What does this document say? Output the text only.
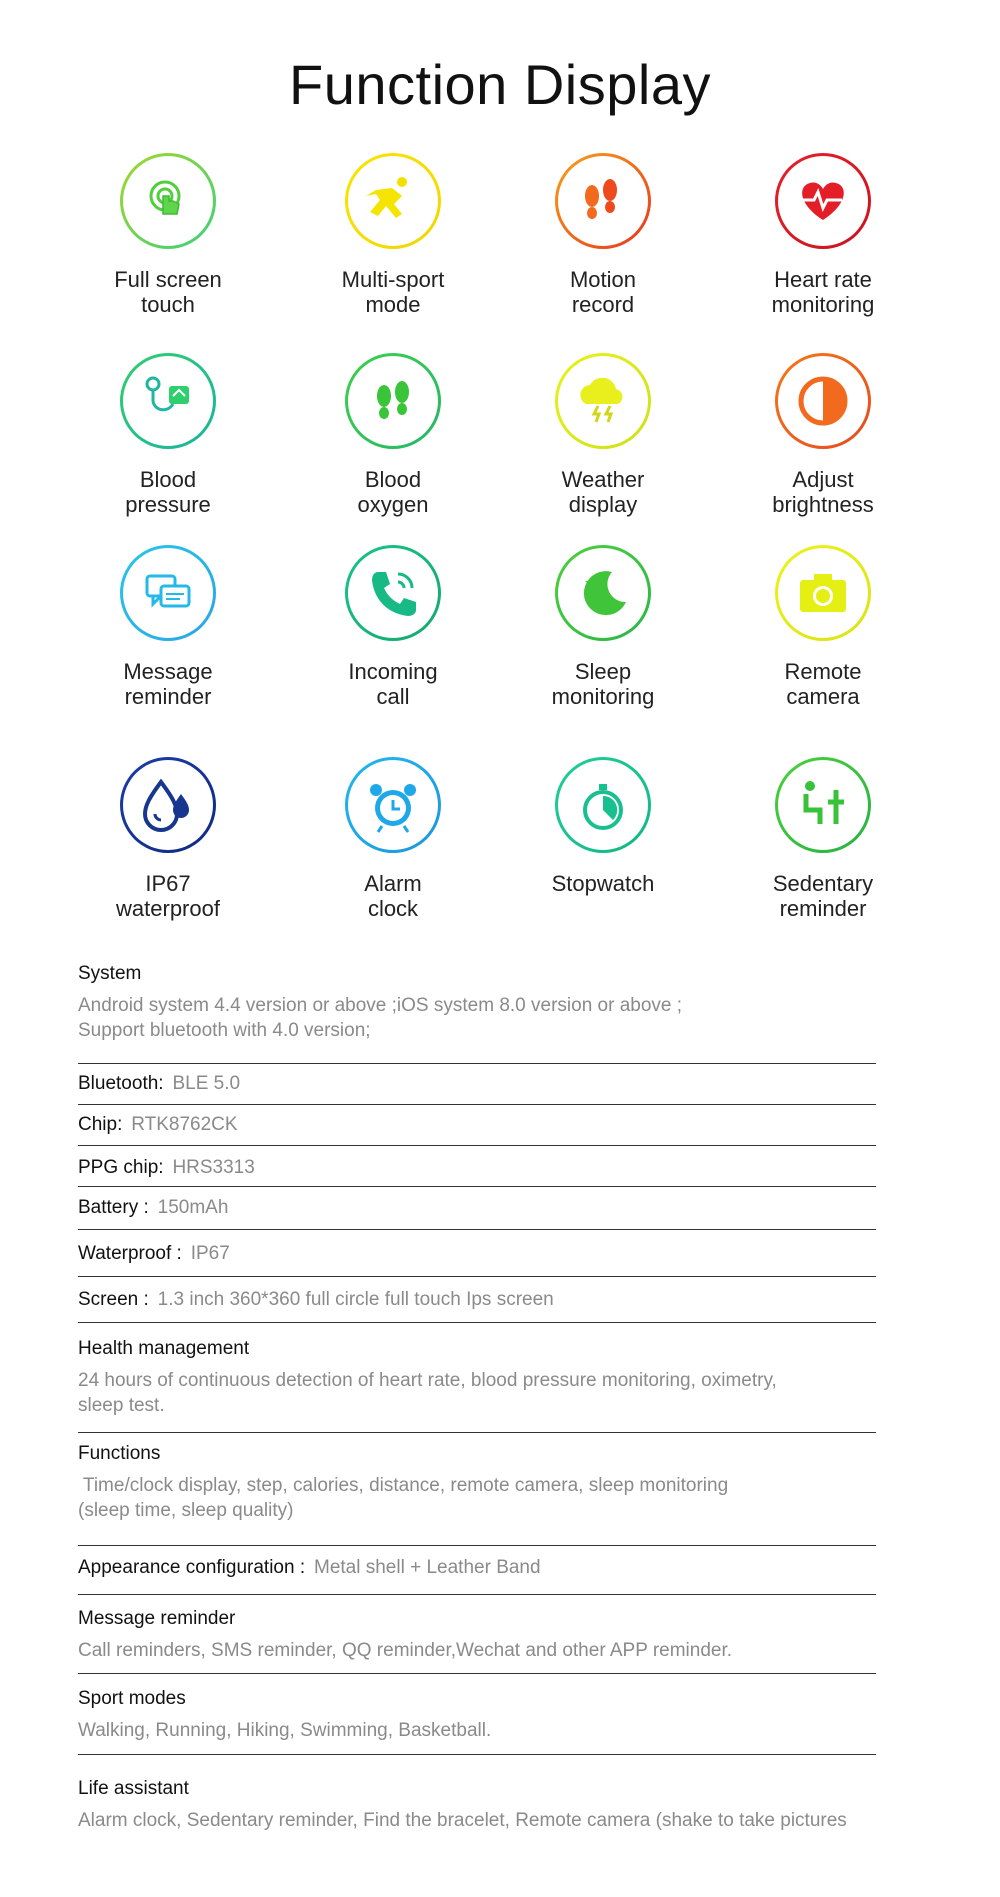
Function Display
Full screen
touch
Multi-sport
mode
Motion
record
Heart rate
monitoring
Blood
pressure
Blood
oxygen
Weather
display
Adjust
brightness
Message
reminder
Incoming
call
Sleep
monitoring
Remote
camera
IP67
waterproof
Alarm
clock
Stopwatch	Sedentary
reminder
System
Android system 4.4 version or above ;iOS system 8.0 version or above ;
Support bluetooth with 4.0 version;
Bluetooth: BLE 5.0
Chip: RTK8762CK
PPG chip: HRS3313
Battery : 150mAh
Waterproof : IP67
Screen : 1.3 inch 360*360 full circle full touch Ips screen
Health management
24 hours of continuous detection of heart rate, blood pressure monitoring, oximetry,
sleep test.
Functions
Time/clock display, step, calories, distance, remote camera, sleep monitoring
(sleep time, sleep quality)
Appearance configuration : Metal shell + Leather Band
Message reminder
Call reminders, SMS reminder, QQ reminder,Wechat and other APP reminder.
Sport modes
Walking, Running, Hiking, Swimming, Basketball.
Life assistant
Alarm clock, Sedentary reminder, Find the bracelet, Remote camera (shake to take pictures
